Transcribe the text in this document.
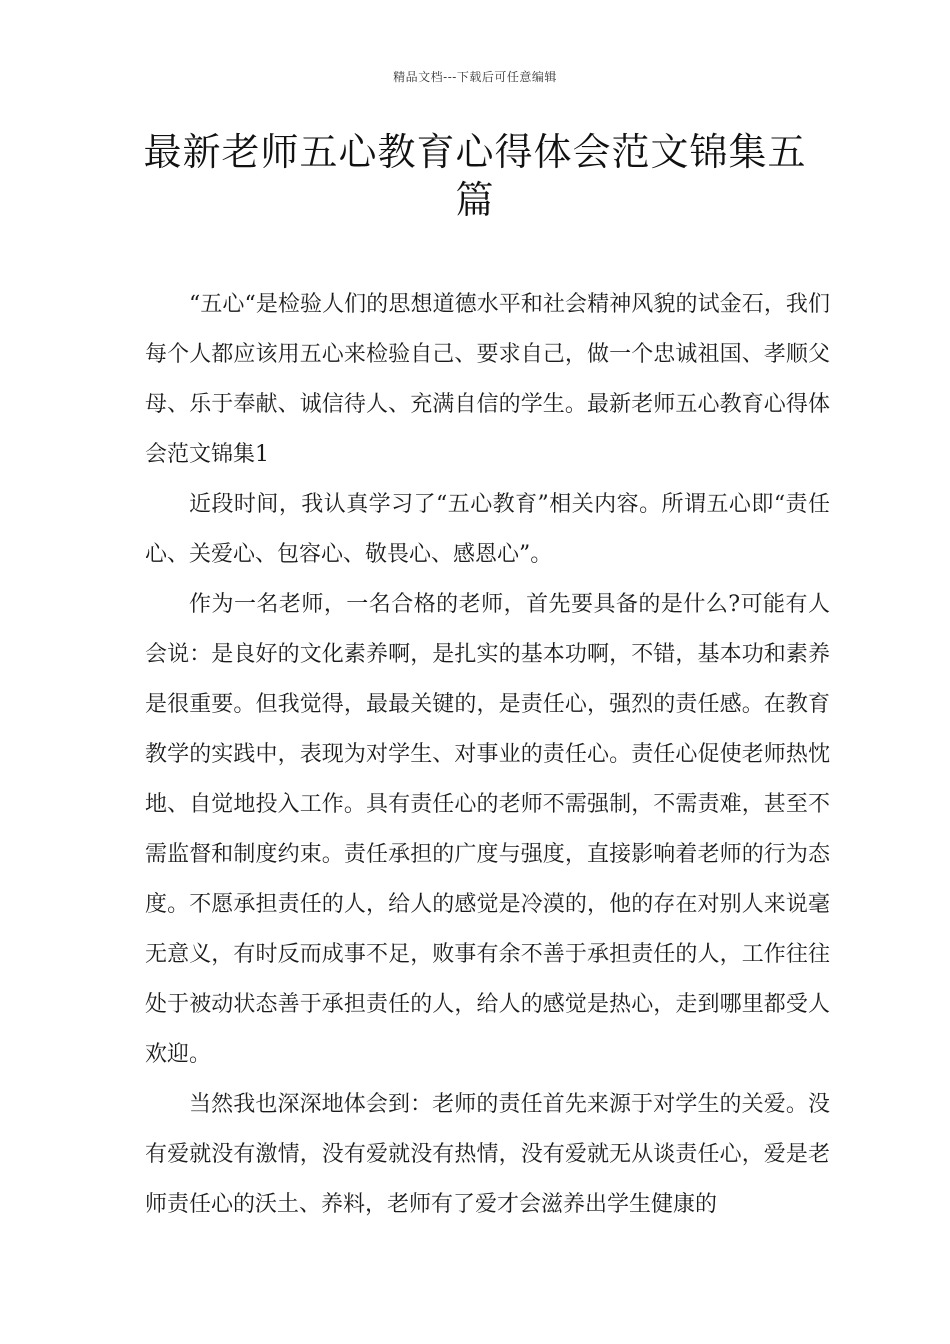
精品文档---下载后可任意编辑
最新老师五心教育心得体会范文锦集五篇

“五心“是检验人们的思想道德水平和社会精神风貌的试金石，我们每个人都应该用五心来检验自己、要求自己，做一个忠诚祖国、孝顺父母、乐于奉献、诚信待人、充满自信的学生。最新老师五心教育心得体会范文锦集1

近段时间，我认真学习了“五心教育”相关内容。所谓五心即“责任心、关爱心、包容心、敬畏心、感恩心”。

作为一名老师，一名合格的老师，首先要具备的是什么?可能有人会说：是良好的文化素养啊，是扎实的基本功啊，不错，基本功和素养是很重要。但我觉得，最最关键的，是责任心，强烈的责任感。在教育教学的实践中，表现为对学生、对事业的责任心。责任心促使老师热忱地、自觉地投入工作。具有责任心的老师不需强制，不需责难，甚至不需监督和制度约束。责任承担的广度与强度，直接影响着老师的行为态度。不愿承担责任的人，给人的感觉是冷漠的，他的存在对别人来说毫无意义，有时反而成事不足，败事有余不善于承担责任的人，工作往往处于被动状态善于承担责任的人，给人的感觉是热心，走到哪里都受人欢迎。

当然我也深深地体会到：老师的责任首先来源于对学生的关爱。没有爱就没有激情，没有爱就没有热情，没有爱就无从谈责任心，爱是老师责任心的沃土、养料，老师有了爱才会滋养出学生健康的
